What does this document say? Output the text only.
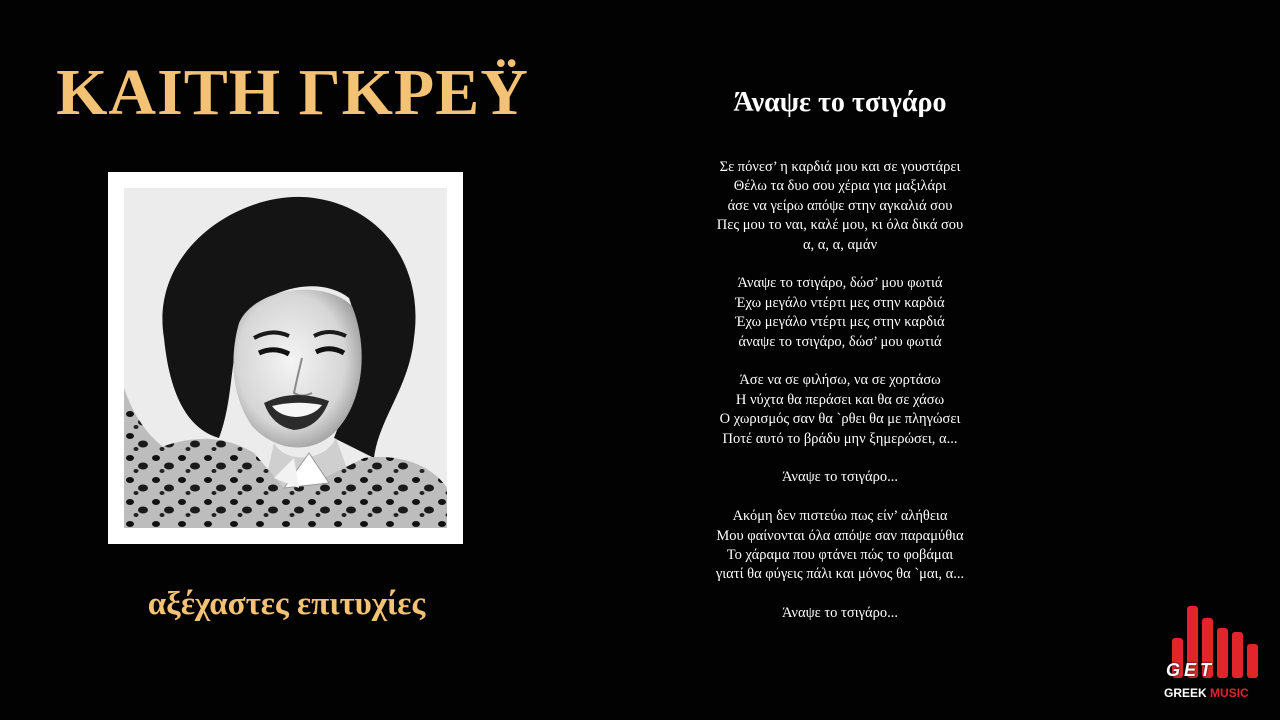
ΚΑΙΤΗ ΓΚΡΕΫ
αξέχαστες επιτυχίες
Άναψε το τσιγάρο

Σε πόνεσ’ η καρδιά μου και σε γουστάρει
Θέλω τα δυο σου χέρια για μαξιλάρι
άσε να γείρω απόψε στην αγκαλιά σου
Πες μου το ναι, καλέ μου, κι όλα δικά σου
α, α, α, αμάν

Άναψε το τσιγάρο, δώσ’ μου φωτιά
Έχω μεγάλο ντέρτι μες στην καρδιά
Έχω μεγάλο ντέρτι μες στην καρδιά
άναψε το τσιγάρο, δώσ’ μου φωτιά

Άσε να σε φιλήσω, να σε χορτάσω
Η νύχτα θα περάσει και θα σε χάσω
Ο χωρισμός σαν θα `ρθει θα με πληγώσει
Ποτέ αυτό το βράδυ μην ξημερώσει, α...

Άναψε το τσιγάρο...

Ακόμη δεν πιστεύω πως είν’ αλήθεια
Μου φαίνονται όλα απόψε σαν παραμύθια
Το χάραμα που φτάνει πώς το φοβάμαι
γιατί θα φύγεις πάλι και μόνος θα `μαι, α...

Άναψε το τσιγάρο...

GET
GREEK MUSIC
